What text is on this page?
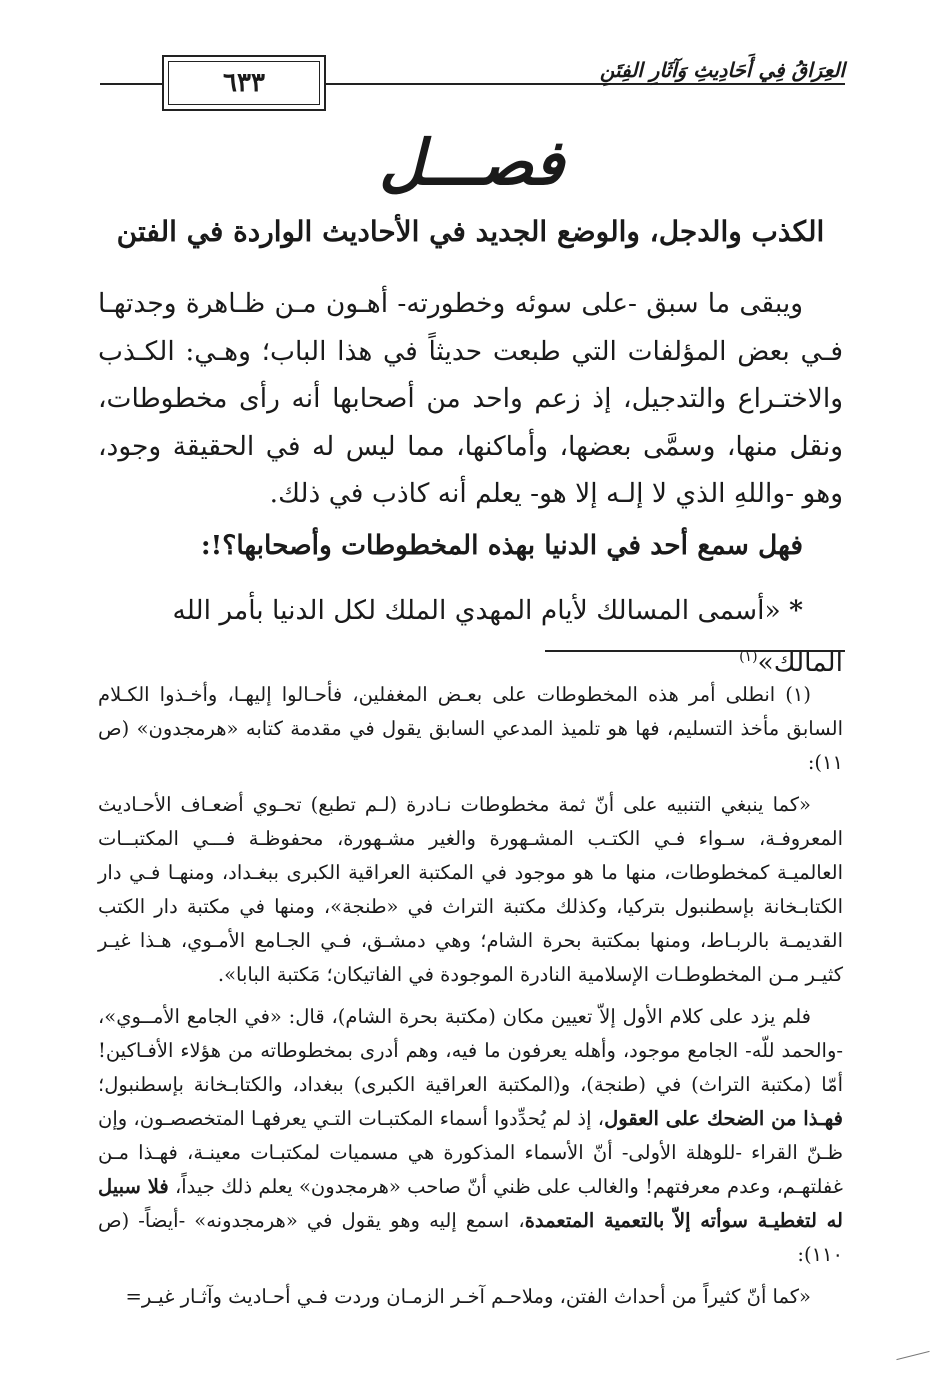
٦٣٣	العِرَاقُ فِي أَحَادِيثِ وَآثَارِ الفِتَنِ
فصـــل
الكذب والدجل، والوضع الجديد في الأحاديث الواردة في الفتن

ويبقى ما سبق -على سوئه وخطورته- أهـون مـن ظـاهرة وجدتهـا فـي بعض المؤلفات التي طبعت حديثاً في هذا الباب؛ وهـي: الكـذب والاختـراع والتدجيل، إذ زعم واحد من أصحابها أنه رأى مخطوطات، ونقل منها، وسمَّى بعضها، وأماكنها، مما ليس له في الحقيقة وجود، وهو -واللهِ الذي لا إلـه إلا هو- يعلم أنه كاذب في ذلك.

فهل سمع أحد في الدنيا بهذه المخطوطات وأصحابها؟!:
* «أسمى المسالك لأيام المهدي الملك لكل الدنيا بأمر الله المالك»$^{(١)}$

(١) انطلى أمر هذه المخطوطات على بعـض المغفلين، فأحـالوا إليهـا، وأخـذوا الكـلام السابق مأخذ التسليم، فها هو تلميذ المدعي السابق يقول في مقدمة كتابه «هرمجدون» (ص ١١):

«كما ينبغي التنبيه على أنّ ثمة مخطوطات نـادرة (لـم تطبع) تحـوي أضعـاف الأحـاديث المعروفـة، سـواء فـي الكتـب المشـهورة والغير مشـهورة، محفوظـة فـــي المكتبــات العالميـة كمخطوطات، منها ما هو موجود في المكتبة العراقية الكبرى ببغـداد، ومنهـا فـي دار الكتابـخانة بإسطنبول بتركيا، وكذلك مكتبة التراث في «طنجة»، ومنها في مكتبة دار الكتب القديمـة بالربـاط، ومنها بمكتبة بحرة الشام؛ وهي دمشـق، فـي الجـامع الأمـوي، هـذا غيـر كثيـر مـن المخطوطـات الإسلامية النادرة الموجودة في الفاتيكان؛ مَكتبة البابا».

فلم يزد على كلام الأول إلاّ تعيين مكان (مكتبة بحرة الشام)، قال: «في الجامع الأمــوي»، -والحمد للّه- الجامع موجود، وأهله يعرفون ما فيه، وهم أدرى بمخطوطاته من هؤلاء الأفـاكين! أمّا (مكتبة التراث) في (طنجة)، و(المكتبة العراقية الكبرى) ببغداد، والكتابـخانة بإسطنبول؛ فهـذا من الضحك على العقول، إذ لم يُحدِّدوا أسماء المكتبـات التـي يعرفهـا المتخصصـون، وإن ظـنّ القراء -للوهلة الأولى- أنّ الأسماء المذكورة هي مسميات لمكتبـات معينـة، فهـذا مـن غفلتهـم، وعدم معرفتهم! والغالب على ظني أنّ صاحب «هرمجدون» يعلم ذلك جيداً، فلا سبيل له لتغطيـة سوأته إلاّ بالتعمية المتعمدة، اسمع إليه وهو يقول في «هرمجدونه» -أيضاً- (ص ١١٠):

«كما أنّ كثيراً من أحداث الفتن، وملاحـم آخـر الزمـان وردت فـي أحـاديث وآثـار غيـر=
